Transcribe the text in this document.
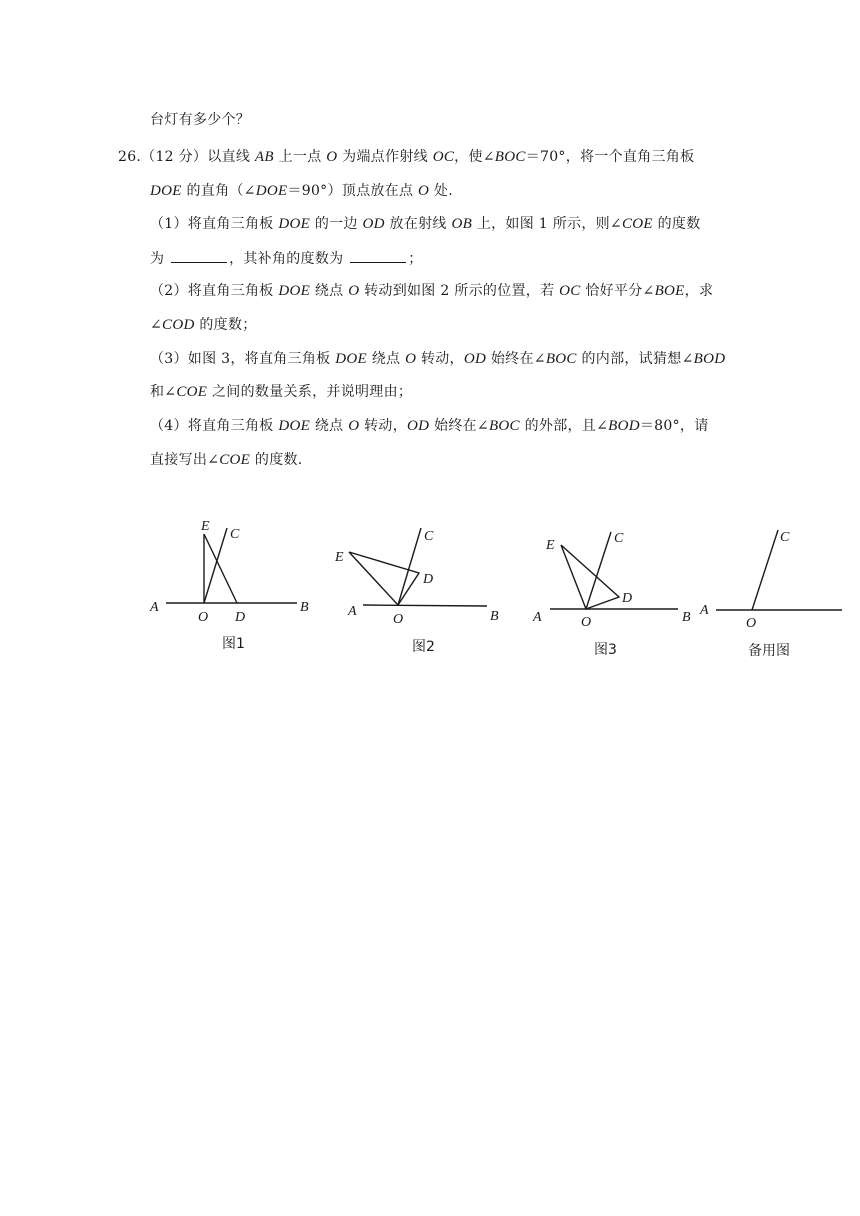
台灯有多少个？
26.（12 分）以直线 AB 上一点 O 为端点作射线 OC，使∠BOC＝70°，将一个直角三角板
DOE 的直角（∠DOE＝90°）顶点放在点 O 处.
（1）将直角三角板 DOE 的一边 OD 放在射线 OB 上，如图 1 所示，则∠COE 的度数
为	，其补角的度数为	；
（2）将直角三角板 DOE 绕点 O 转动到如图 2 所示的位置，若 OC 恰好平分∠BOE，求
∠COD 的度数；
（3）如图 3，将直角三角板 DOE 绕点 O 转动，OD 始终在∠BOC 的内部，试猜想∠BOD
和∠COE 之间的数量关系，并说明理由；
（4）将直角三角板 DOE 绕点 O 转动，OD 始终在∠BOC 的外部，且∠BOD＝80°，请
直接写出∠COE 的度数.
A
O D
B
E
C
图1
A
O	B
E
D
C
图2
A	O	B
E
D
C
图3
A
O
C
备用图
